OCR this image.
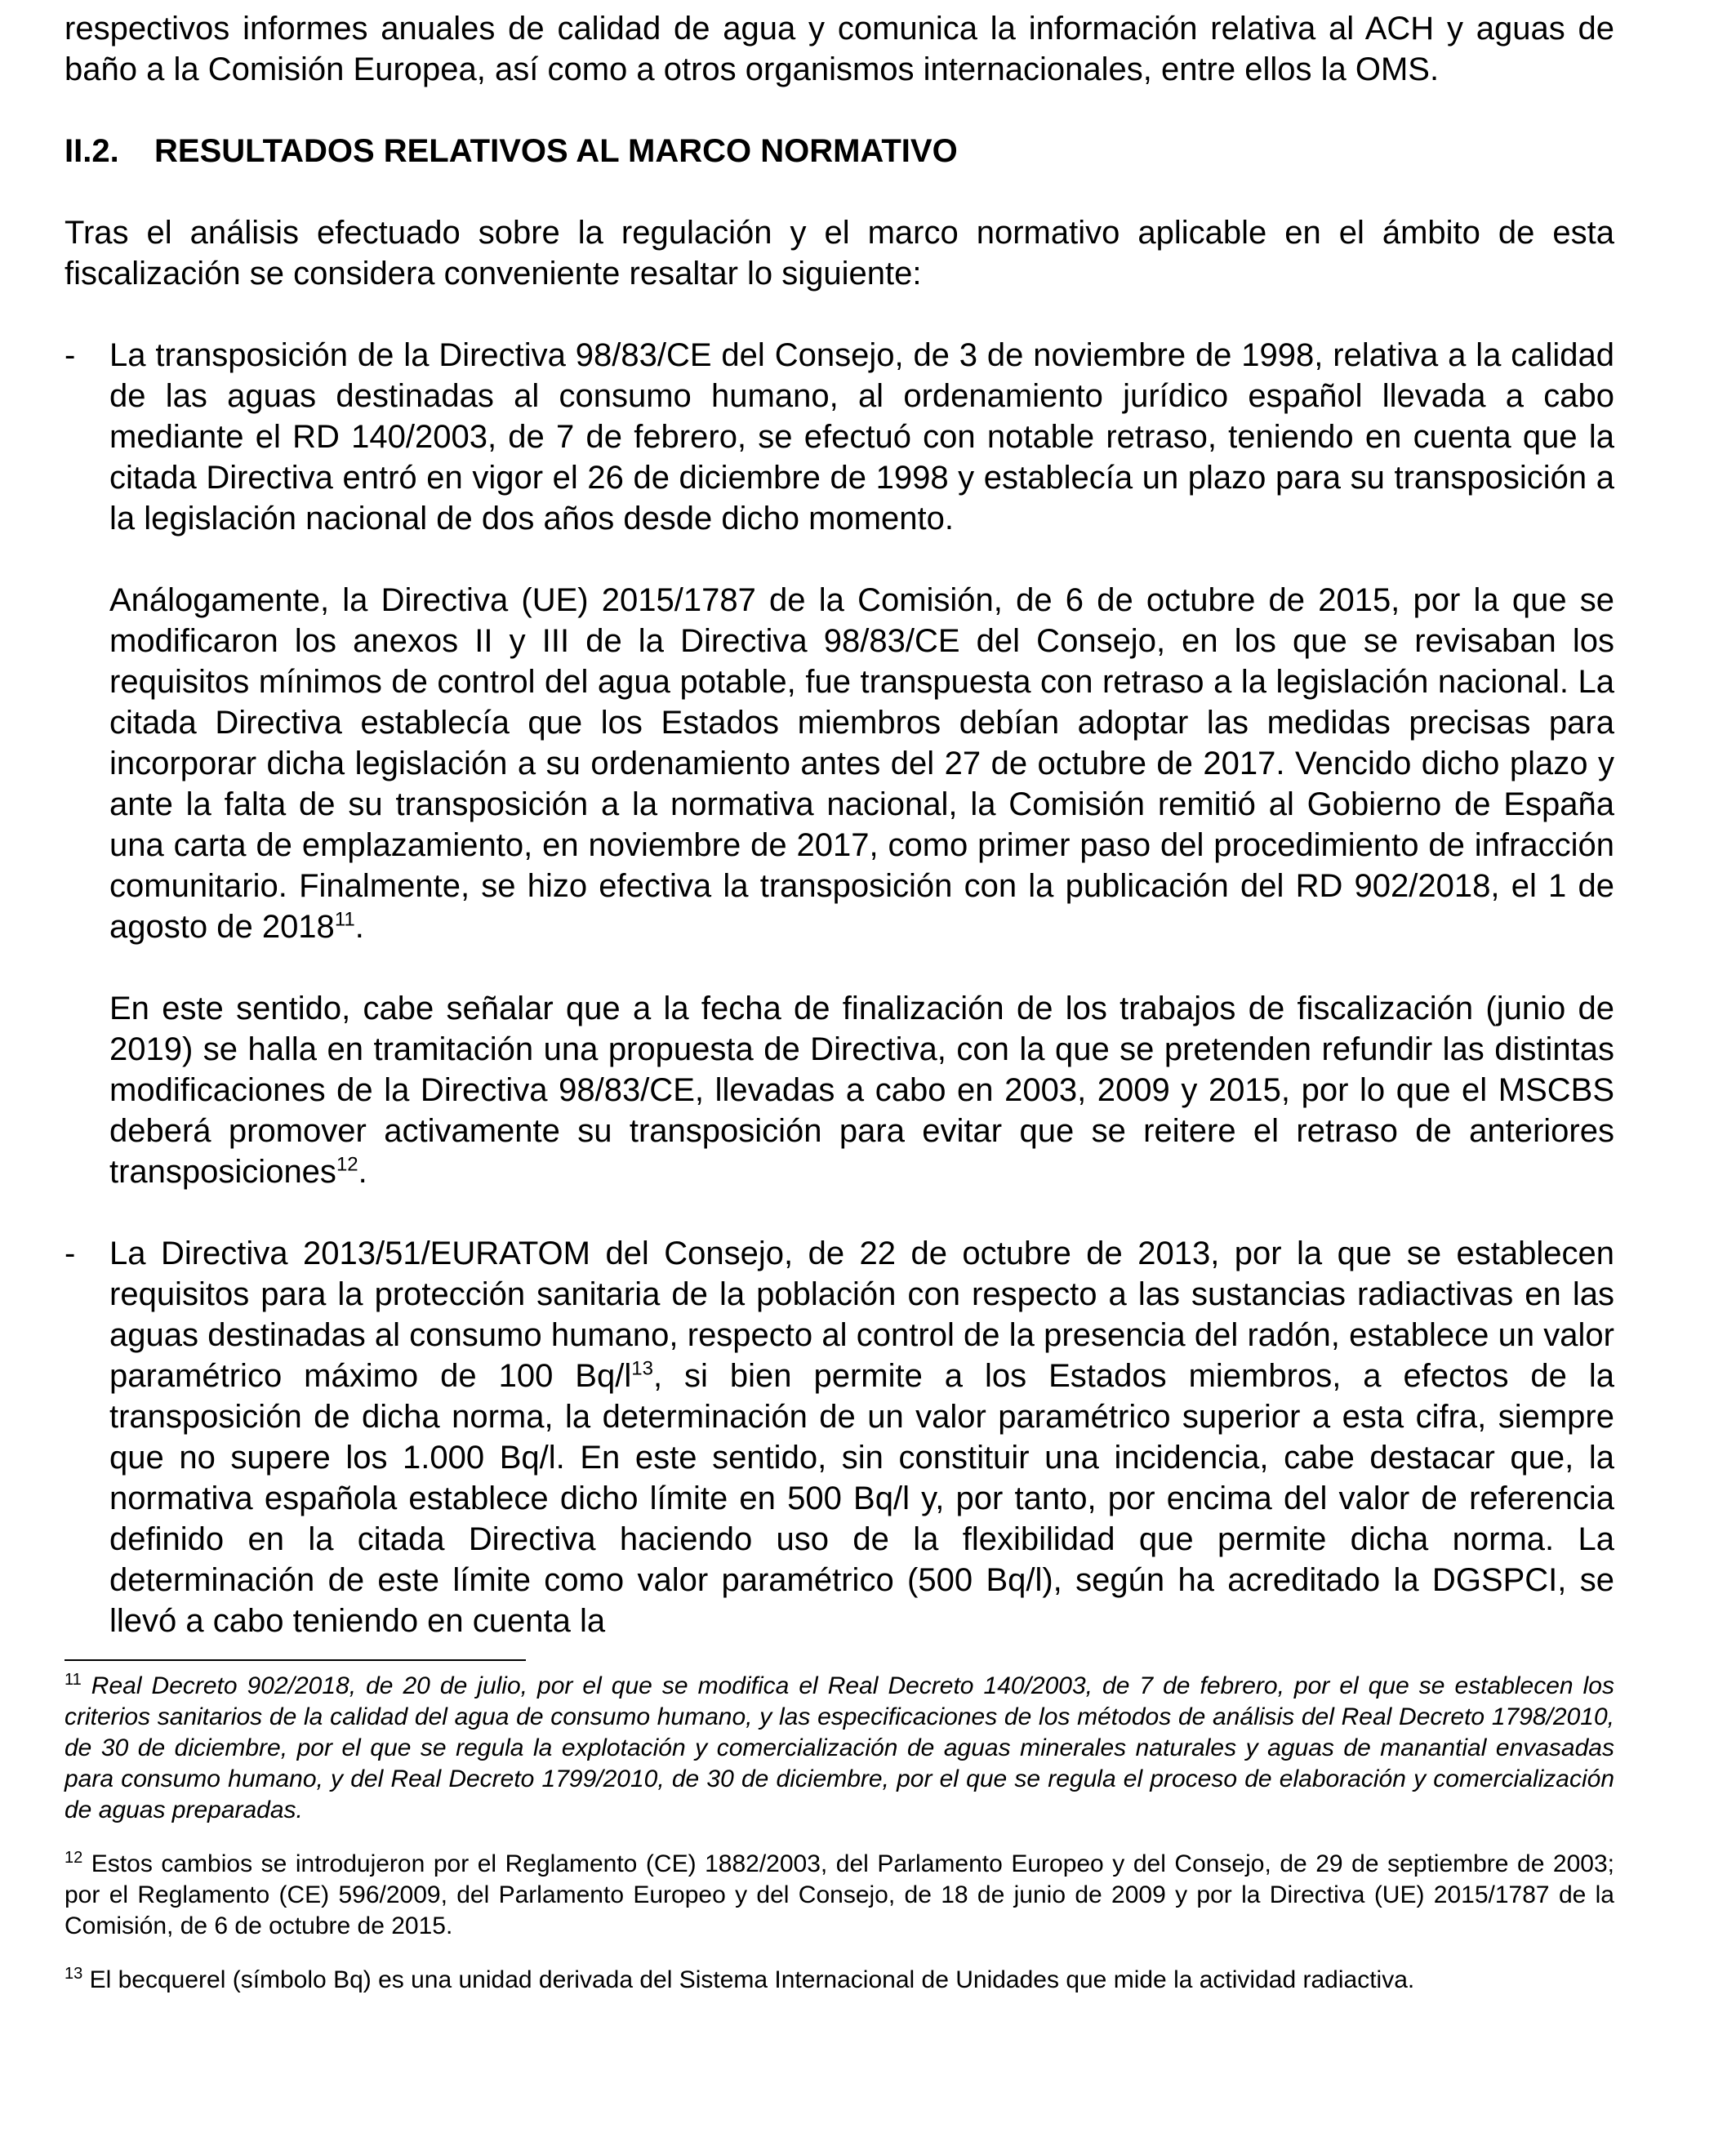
respectivos informes anuales de calidad de agua y comunica la información relativa al ACH y aguas de baño a la Comisión Europea, así como a otros organismos internacionales, entre ellos la OMS.

II.2.	RESULTADOS RELATIVOS AL MARCO NORMATIVO

Tras el análisis efectuado sobre la regulación y el marco normativo aplicable en el ámbito de esta fiscalización se considera conveniente resaltar lo siguiente:

-	La transposición de la Directiva 98/83/CE del Consejo, de 3 de noviembre de 1998, relativa a la calidad de las aguas destinadas al consumo humano, al ordenamiento jurídico español llevada a cabo mediante el RD 140/2003, de 7 de febrero, se efectuó con notable retraso, teniendo en cuenta que la citada Directiva entró en vigor el 26 de diciembre de 1998 y establecía un plazo para su transposición a la legislación nacional de dos años desde dicho momento.

Análogamente, la Directiva (UE) 2015/1787 de la Comisión, de 6 de octubre de 2015, por la que se modificaron los anexos II y III de la Directiva 98/83/CE del Consejo, en los que se revisaban los requisitos mínimos de control del agua potable, fue transpuesta con retraso a la legislación nacional. La citada Directiva establecía que los Estados miembros debían adoptar las medidas precisas para incorporar dicha legislación a su ordenamiento antes del 27 de octubre de 2017. Vencido dicho plazo y ante la falta de su transposición a la normativa nacional, la Comisión remitió al Gobierno de España una carta de emplazamiento, en noviembre de 2017, como primer paso del procedimiento de infracción comunitario. Finalmente, se hizo efectiva la transposición con la publicación del RD 902/2018, el 1 de agosto de 2018$^{11}$.

En este sentido, cabe señalar que a la fecha de finalización de los trabajos de fiscalización (junio de 2019) se halla en tramitación una propuesta de Directiva, con la que se pretenden refundir las distintas modificaciones de la Directiva 98/83/CE, llevadas a cabo en 2003, 2009 y 2015, por lo que el MSCBS deberá promover activamente su transposición para evitar que se reitere el retraso de anteriores transposiciones$^{12}$.

-	La Directiva 2013/51/EURATOM del Consejo, de 22 de octubre de 2013, por la que se establecen requisitos para la protección sanitaria de la población con respecto a las sustancias radiactivas en las aguas destinadas al consumo humano, respecto al control de la presencia del radón, establece un valor paramétrico máximo de 100 $Bq/l^{13}$, si bien permite a los Estados miembros, a efectos de la transposición de dicha norma, la determinación de un valor paramétrico superior a esta cifra, siempre que no supere los 1.000 Bq/l. En este sentido, sin constituir una incidencia, cabe destacar que, la normativa española establece dicho límite en 500 Bq/l y, por tanto, por encima del valor de referencia definido en la citada Directiva haciendo uso de la flexibilidad que permite dicha norma. La determinación de este límite como valor paramétrico (500 Bq/l), según ha acreditado la DGSPCI, se llevó a cabo teniendo en cuenta la

$^{11}$ Real Decreto 902/2018, de 20 de julio, por el que se modifica el Real Decreto 140/2003, de 7 de febrero, por el que se establecen los criterios sanitarios de la calidad del agua de consumo humano, y las especificaciones de los métodos de análisis del Real Decreto 1798/2010, de 30 de diciembre, por el que se regula la explotación y comercialización de aguas minerales naturales y aguas de manantial envasadas para consumo humano, y del Real Decreto 1799/2010, de 30 de diciembre, por el que se regula el proceso de elaboración y comercialización de aguas preparadas.

$^{12}$ Estos cambios se introdujeron por el Reglamento (CE) 1882/2003, del Parlamento Europeo y del Consejo, de 29 de septiembre de 2003; por el Reglamento (CE) 596/2009, del Parlamento Europeo y del Consejo, de 18 de junio de 2009 y por la Directiva (UE) 2015/1787 de la Comisión, de 6 de octubre de 2015.

$^{13}$ El becquerel (símbolo Bq) es una unidad derivada del Sistema Internacional de Unidades que mide la actividad radiactiva.
